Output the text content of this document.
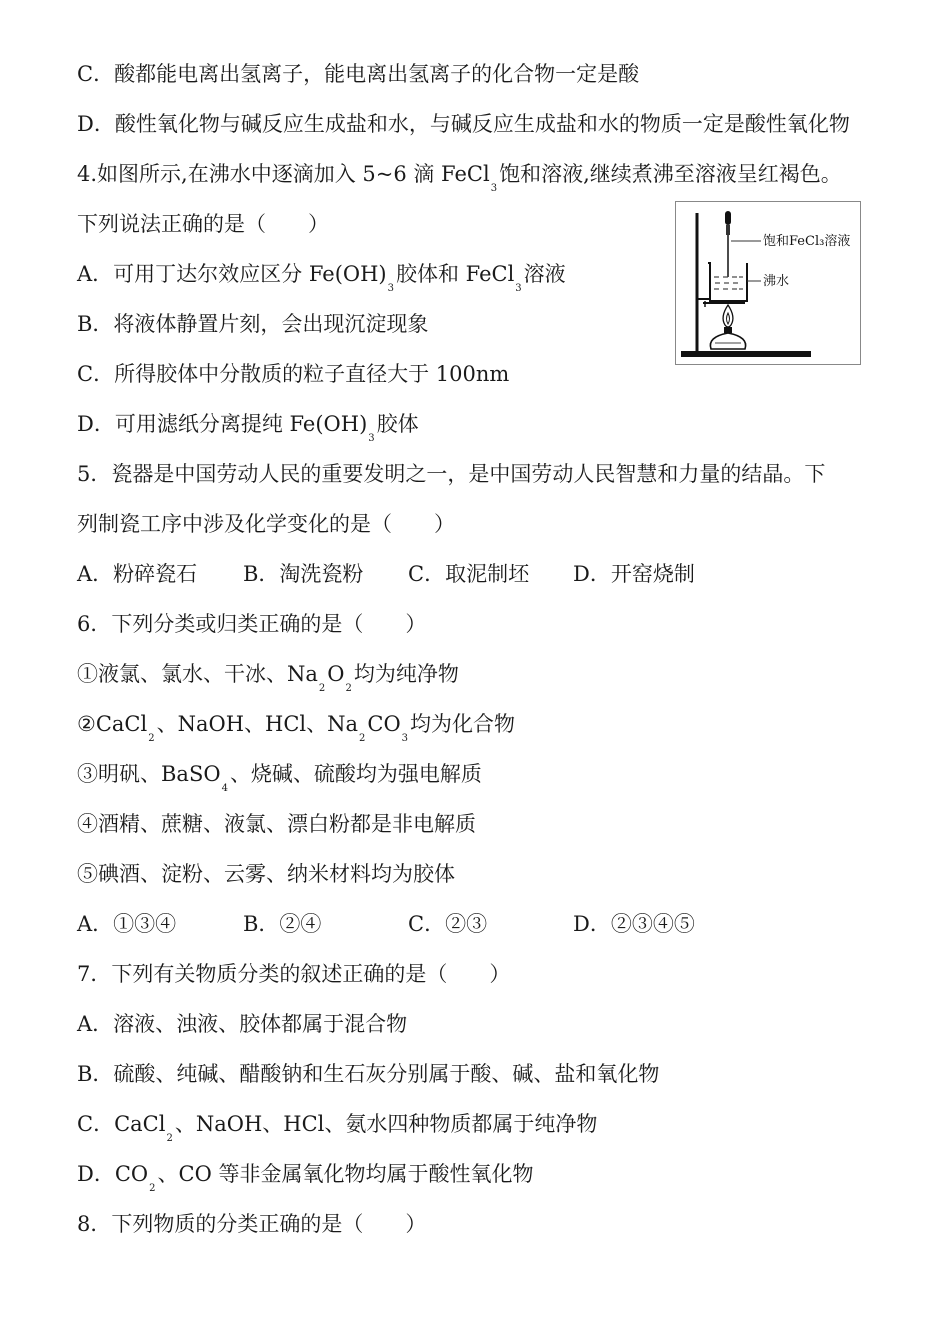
C．酸都能电离出氢离子，能电离出氢离子的化合物一定是酸
D．酸性氧化物与碱反应生成盐和水，与碱反应生成盐和水的物质一定是酸性氧化物
4.如图所示,在沸水中逐滴加入 5~6 滴 FeCl$_3$饱和溶液,继续煮沸至溶液呈红褐色。
下列说法正确的是（　　）
A．可用丁达尔效应区分 $Fe(OH)_3$胶体和 FeCl$_3$溶液
B．将液体静置片刻，会出现沉淀现象
C．所得胶体中分散质的粒子直径大于 100nm
D．可用滤纸分离提纯 $Fe(OH)_3$胶体
饱和FeCl₃溶液
沸水
5．瓷器是中国劳动人民的重要发明之一，是中国劳动人民智慧和力量的结晶。下
列制瓷工序中涉及化学变化的是（　　）
A．粉碎瓷石 B．淘洗瓷粉 C．取泥制坯 D．开窑烧制
6．下列分类或归类正确的是（　　）
①液氯、氯水、干冰、$Na_2O_2$均为纯净物
②CaCl$_2$、NaOH、HCl、$Na_2CO_3$均为化合物
③明矾、BaSO$_4$、烧碱、硫酸均为强电解质
④酒精、蔗糖、液氯、漂白粉都是非电解质
⑤碘酒、淀粉、云雾、纳米材料均为胶体
A．①③④	B．②④	C．②③	D．②③④⑤
7．下列有关物质分类的叙述正确的是（　　）
A．溶液、浊液、胶体都属于混合物
B．硫酸、纯碱、醋酸钠和生石灰分别属于酸、碱、盐和氧化物
C．CaCl$_2$、NaOH、HCl、氨水四种物质都属于纯净物
D．$CO_2$、CO 等非金属氧化物均属于酸性氧化物
8．下列物质的分类正确的是（　　）
